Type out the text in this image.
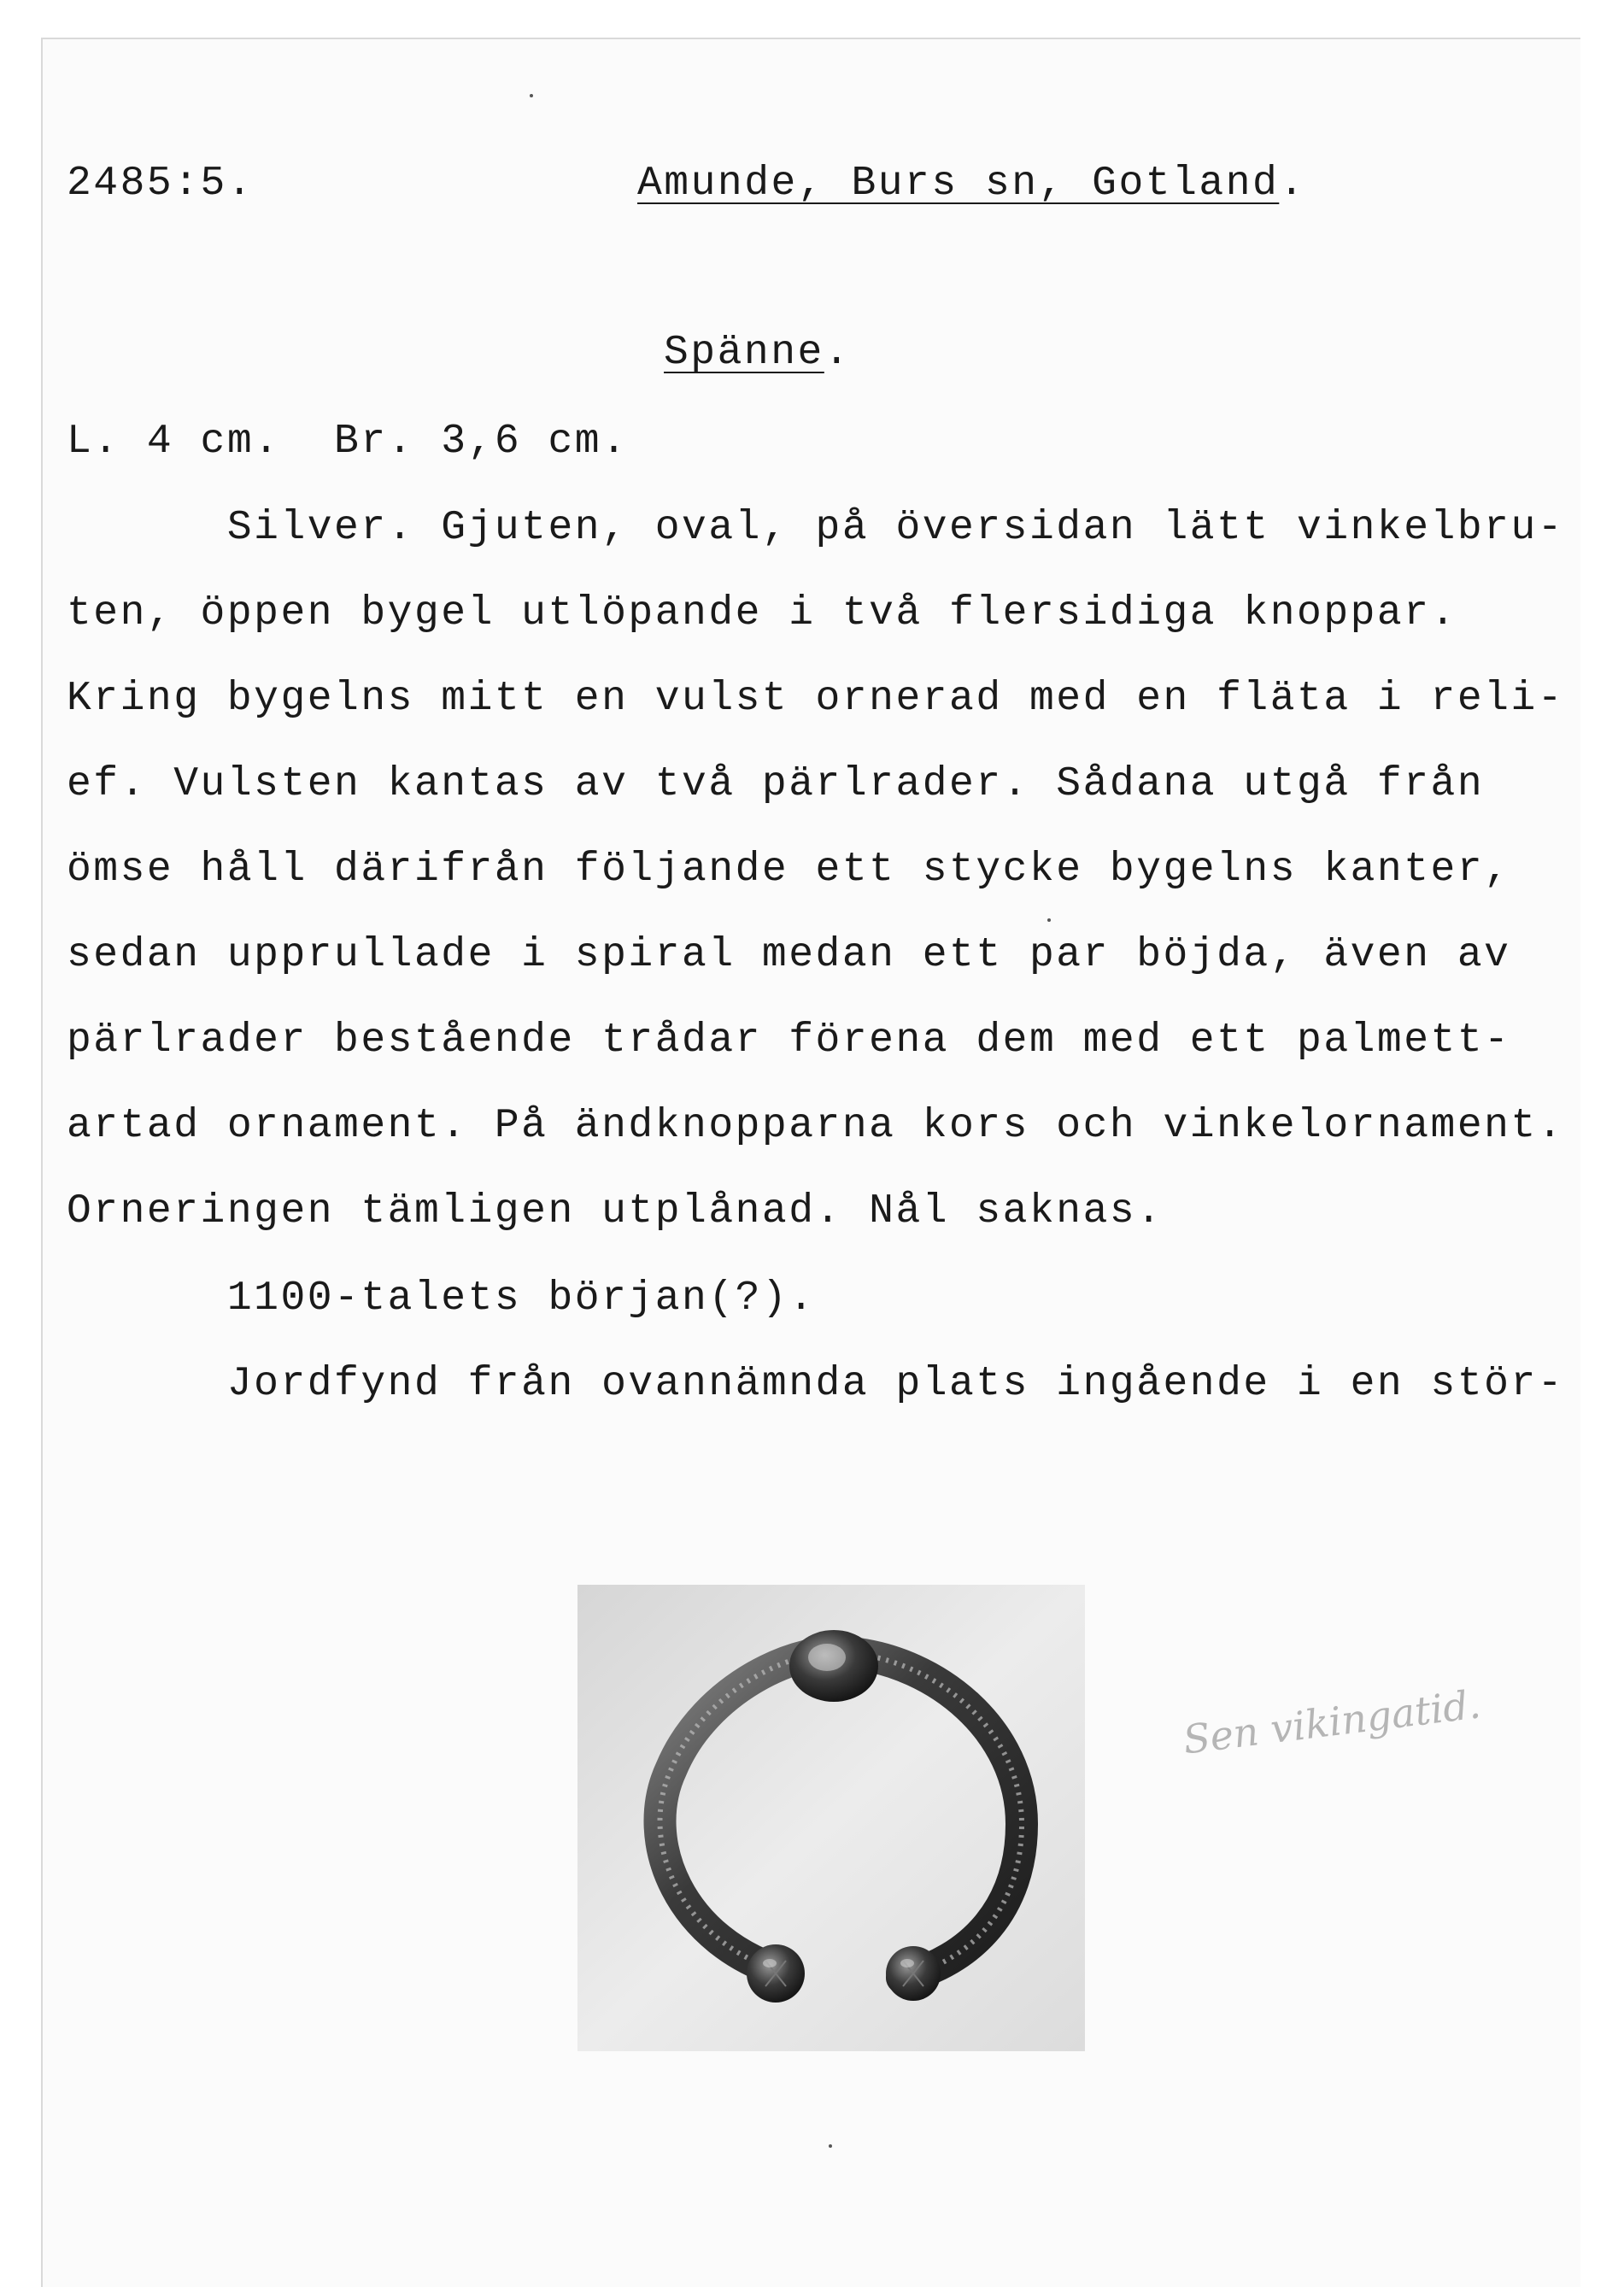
2485:5.	Amunde, Burs sn, Gotland.
Spänne.
L. 4 cm.  Br. 3,6 cm.
Silver. Gjuten, oval, på översidan lätt vinkelbru-
ten, öppen bygel utlöpande i två flersidiga knoppar.
Kring bygelns mitt en vulst ornerad med en fläta i reli-
ef. Vulsten kantas av två pärlrader. Sådana utgå från
ömse håll därifrån följande ett stycke bygelns kanter,
sedan upprullade i spiral medan ett par böjda, även av
pärlrader bestående trådar förena dem med ett palmett-
artad ornament. På ändknopparna kors och vinkelornament.
Orneringen tämligen utplånad. Nål saknas.
1100-talets början(?).
Jordfynd från ovannämnda plats ingående i en stör-
Sen vikingatid.
